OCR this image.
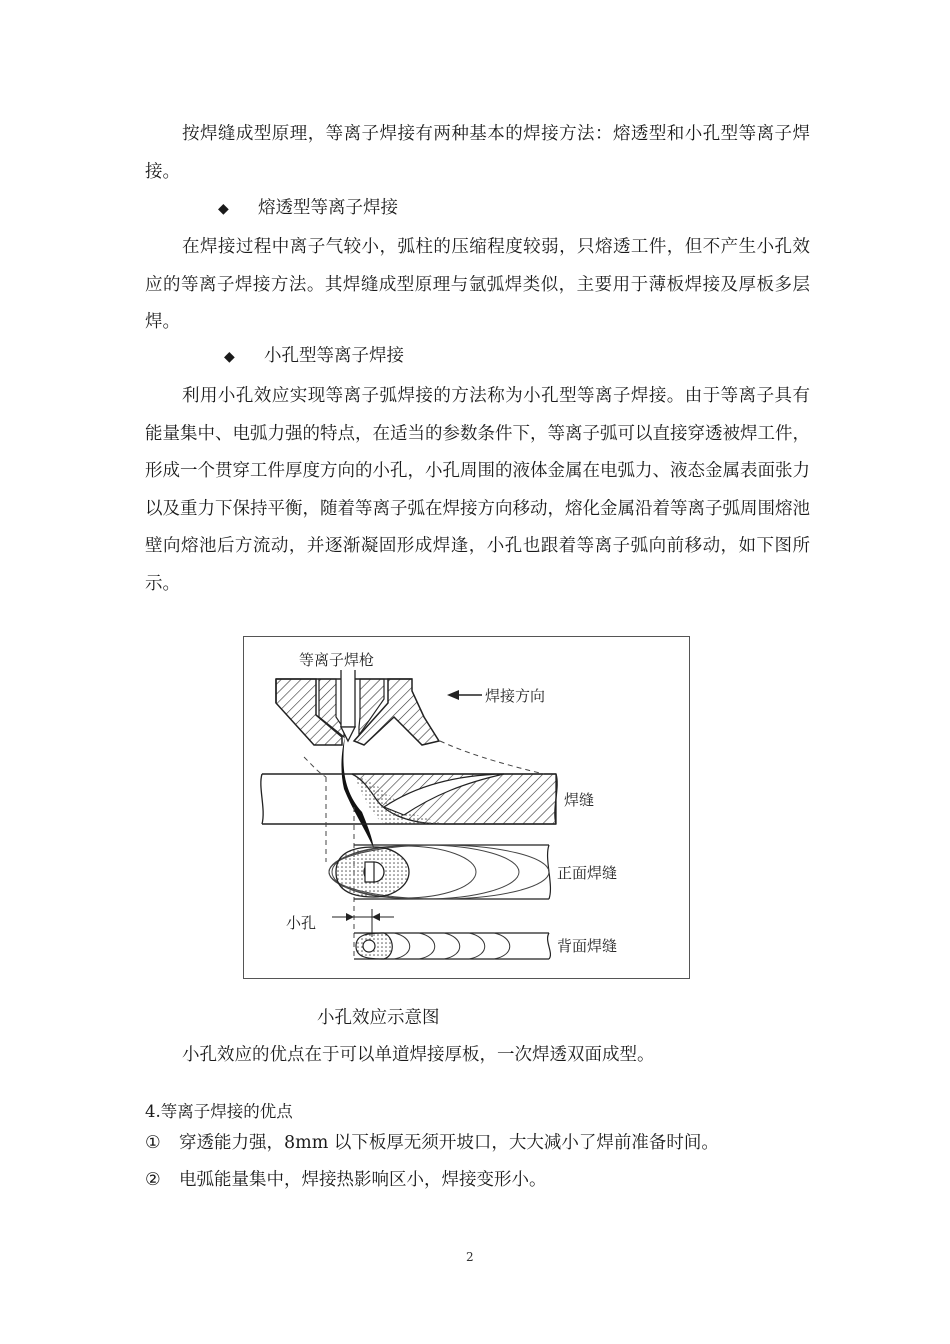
按焊缝成型原理，等离子焊接有两种基本的焊接方法：熔透型和小孔型等离子焊接。

◆ 熔透型等离子焊接

在焊接过程中离子气较小，弧柱的压缩程度较弱，只熔透工件，但不产生小孔效应的等离子焊接方法。其焊缝成型原理与氩弧焊类似，主要用于薄板焊接及厚板多层焊。

◆ 小孔型等离子焊接

利用小孔效应实现等离子弧焊接的方法称为小孔型等离子焊接。由于等离子具有能量集中、电弧力强的特点，在适当的参数条件下，等离子弧可以直接穿透被焊工件，形成一个贯穿工件厚度方向的小孔，小孔周围的液体金属在电弧力、液态金属表面张力以及重力下保持平衡，随着等离子弧在焊接方向移动，熔化金属沿着等离子弧周围熔池壁向熔池后方流动，并逐渐凝固形成焊逢，小孔也跟着等离子弧向前移动，如下图所示。

等离子焊枪
焊接方向
焊缝
正面焊缝
小孔
背面焊缝
小孔效应示意图
小孔效应的优点在于可以单道焊接厚板，一次焊透双面成型。
4.等离子焊接的优点
① 穿透能力强，8mm 以下板厚无须开坡口，大大减小了焊前准备时间。
② 电弧能量集中，焊接热影响区小，焊接变形小。
2
